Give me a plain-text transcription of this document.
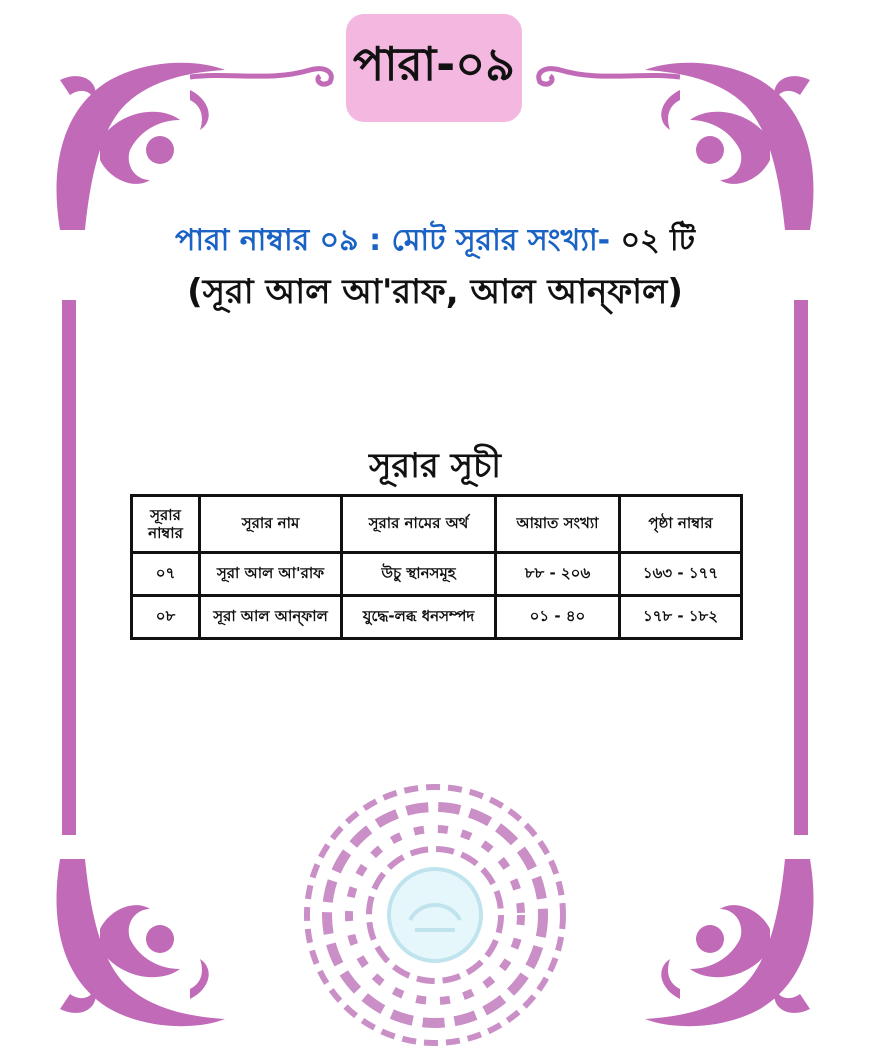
পারা-০৯
পারা নাম্বার ০৯ : মোট সূরার সংখ্যা- ০২ টি
(সূরা আল আ'রাফ, আল আন্‌ফাল)
সূরার সূচী
সূরার নাম্বার	সূরার নাম	সূরার নামের অর্থ	আয়াত সংখ্যা	পৃষ্ঠা নাম্বার
০৭	সূরা আল আ'রাফ	উচু স্থানসমূহ	৮৮ - ২০৬	১৬৩ - ১৭৭
০৮	সূরা আল আন্‌ফাল	যুদ্ধে-লব্ধ ধনসম্পদ	০১ - ৪০	১৭৮ - ১৮২
